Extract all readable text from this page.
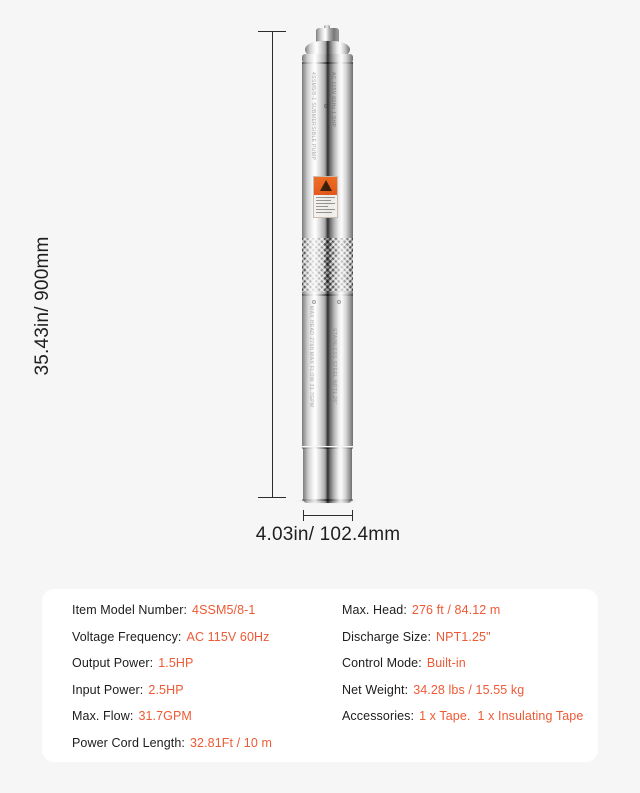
35.43in/ 900mm
4SSM5/8-1 SUBMERSIBLE PUMP	AC 115V 60Hz 1.5HP
MAX HEAD 276ft MAX FLOW 31.7GPM	STAINLESS STEEL NPT1.25"
4.03in/ 102.4mm
Item Model Number: 4SSM5/8-1
Voltage Frequency: AC 115V 60Hz
Output Power: 1.5HP
Input Power: 2.5HP
Max. Flow: 31.7GPM
Power Cord Length: 32.81Ft / 10 m
Max. Head: 276 ft / 84.12 m
Discharge Size: NPT1.25"
Control Mode: Built-in
Net Weight: 34.28 lbs / 15.55 kg
Accessories: 1 x Tape. 1 x Insulating Tape
